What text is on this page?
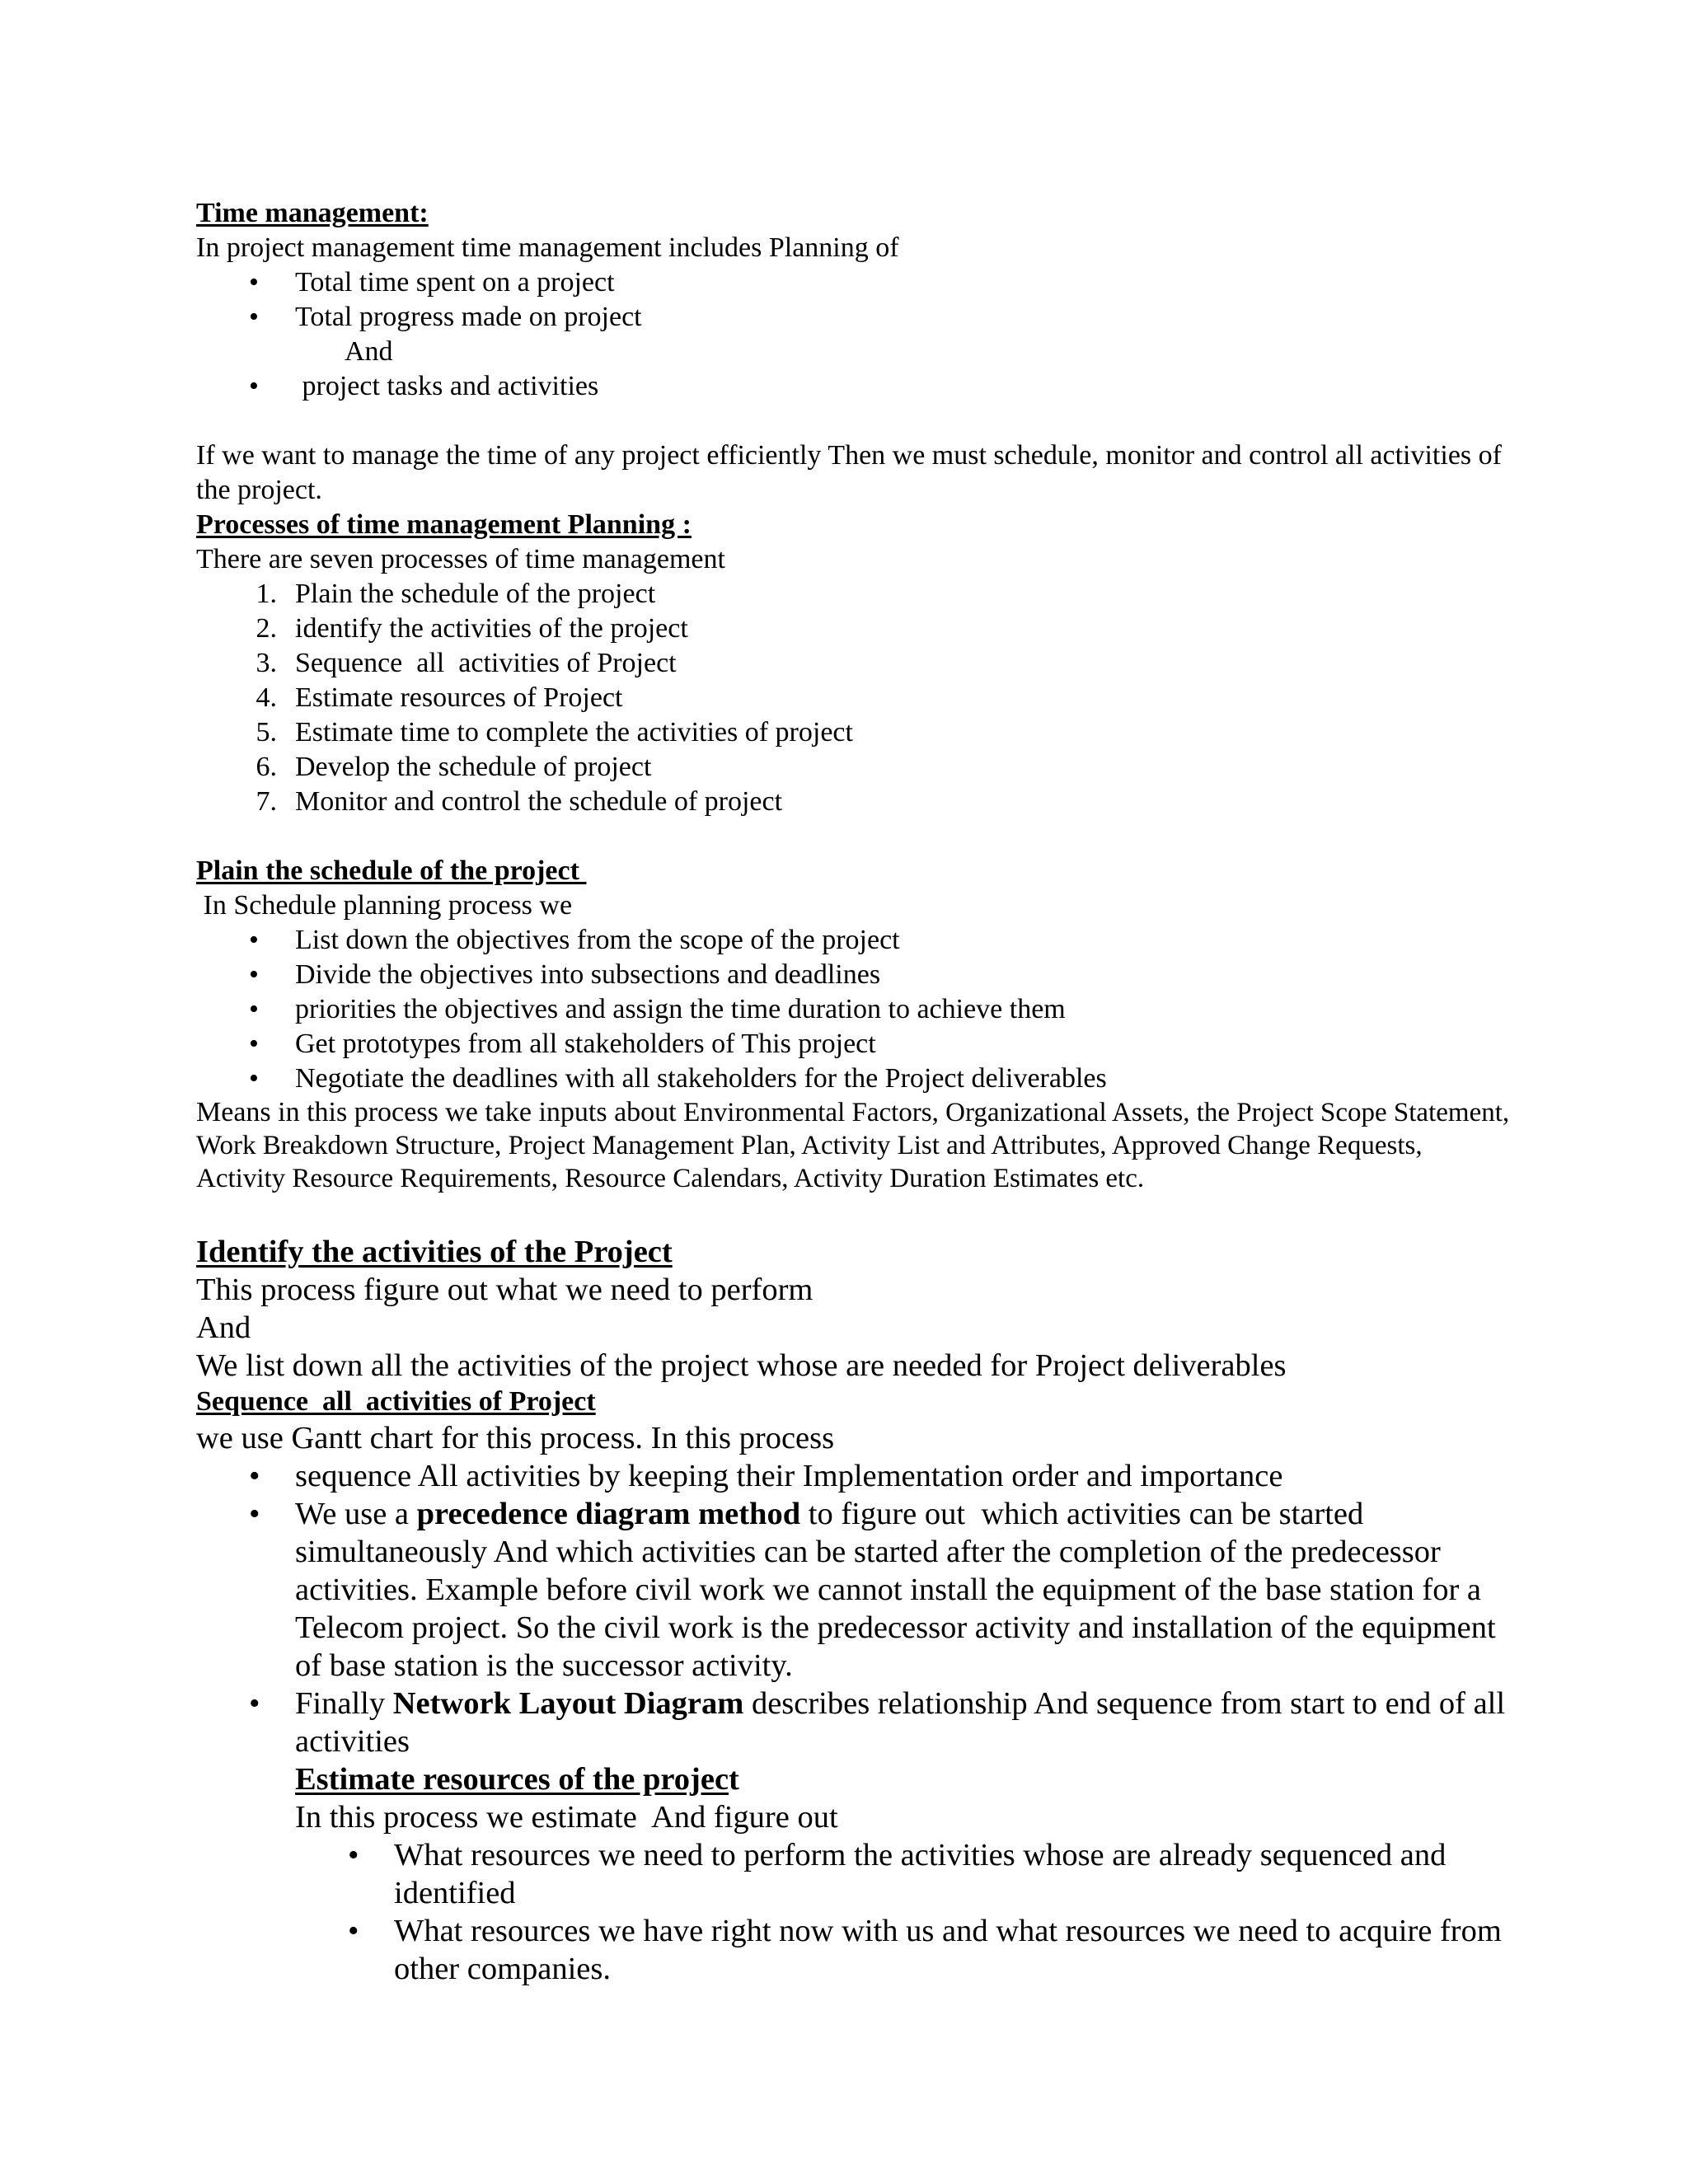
Time management:

In project management time management includes Planning of

• Total time spent on a project
• Total progress made on project
And
• project tasks and activities

If we want to manage the time of any project efficiently Then we must schedule, monitor and control all activities of the project.

Processes of time management Planning :

There are seven processes of time management

1. Plain the schedule of the project
2. identify the activities of the project
3. Sequence  all  activities of Project
4. Estimate resources of Project
5. Estimate time to complete the activities of project
6. Develop the schedule of project
7. Monitor and control the schedule of project

Plain the schedule of the project

In Schedule planning process we

• List down the objectives from the scope of the project
• Divide the objectives into subsections and deadlines
• priorities the objectives and assign the time duration to achieve them
• Get prototypes from all stakeholders of This project
• Negotiate the deadlines with all stakeholders for the Project deliverables

Means in this process we take inputs about Environmental Factors, Organizational Assets, the Project Scope Statement, Work Breakdown Structure, Project Management Plan, Activity List and Attributes, Approved Change Requests, Activity Resource Requirements, Resource Calendars, Activity Duration Estimates etc.

Identify the activities of the Project

This process figure out what we need to perform

And

We list down all the activities of the project whose are needed for Project deliverables

Sequence  all  activities of Project

we use Gantt chart for this process. In this process

• sequence All activities by keeping their Implementation order and importance
• We use a precedence diagram method to figure out  which activities can be started simultaneously And which activities can be started after the completion of the predecessor activities. Example before civil work we cannot install the equipment of the base station for a Telecom project. So the civil work is the predecessor activity and installation of the equipment of base station is the successor activity.
• Finally Network Layout Diagram describes relationship And sequence from start to end of all activities

Estimate resources of the project

In this process we estimate  And figure out

• What resources we need to perform the activities whose are already sequenced and identified
• What resources we have right now with us and what resources we need to acquire from other companies.
